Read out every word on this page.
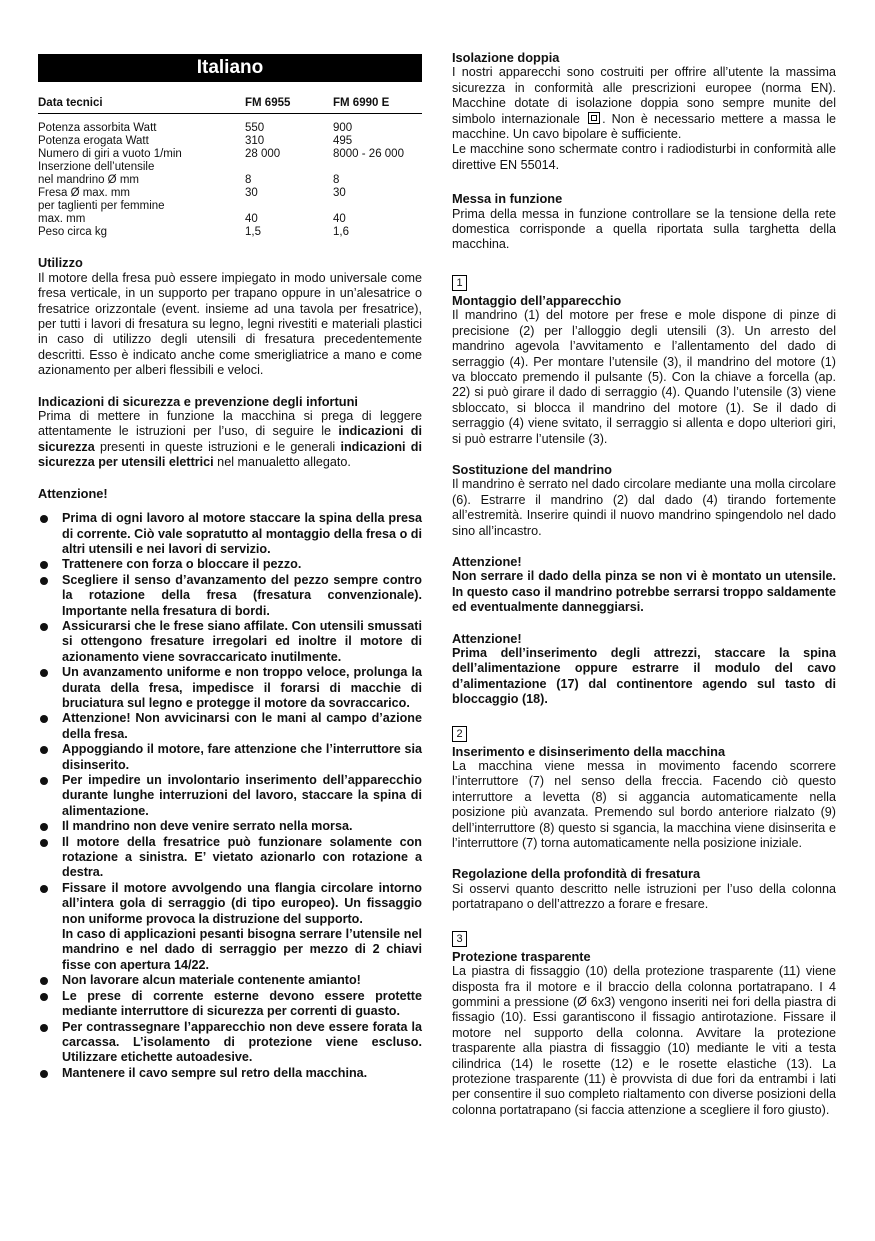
Italiano
Data tecnici	FM 6955	FM 6990 E
Potenza assorbita Watt	550	900
Potenza erogata Watt	310	495
Numero di giri a vuoto 1/min	28 000	8000 - 26 000
Inserzione dell’utensile
nel mandrino Ø mm	8	8
Fresa Ø max. mm	30	30
per taglienti per femmine
max. mm	40	40
Peso circa kg	1,5	1,6
Utilizzo

Il motore della fresa può essere impiegato in modo universale come fresa verticale, in un supporto per trapano oppure in un’alesatrice o fresatrice orizzontale (event. insieme ad una tavola per fresatrice), per tutti i lavori di fresatura su legno, legni rivestiti e materiali plastici in caso di utilizzo degli utensili di fresatura precedentemente descritti. Esso è indicato anche come smerigliatrice a mano e come azionamento per alberi flessibili e veloci.

Indicazioni di sicurezza e prevenzione degli infortuni

Prima di mettere in funzione la macchina si prega di leggere attentamente le istruzioni per l’uso, di seguire le indicazioni di sicurezza presenti in queste istruzioni e le generali indicazioni di sicurezza per utensili elettrici nel manualetto allegato.

Attenzione!
Prima di ogni lavoro al motore staccare la spina della presa di corrente. Ciò vale sopratutto al montaggio della fresa o di altri utensili e nei lavori di servizio.
Trattenere con forza o bloccare il pezzo.
Scegliere il senso d’avanzamento del pezzo sempre contro la rotazione della fresa (fresatura convenzionale). Importante nella fresatura di bordi.
Assicurarsi che le frese siano affilate. Con utensili smussati si ottengono fresature irregolari ed inoltre il motore di azionamento viene sovraccaricato inutilmente.
Un avanzamento uniforme e non troppo veloce, prolunga la durata della fresa, impedisce il forarsi di macchie di bruciatura sul legno e protegge il motore da sovraccarico.
Attenzione! Non avvicinarsi con le mani al campo d’azione della fresa.
Appoggiando il motore, fare attenzione che l’interruttore sia disinserito.
Per impedire un involontario inserimento dell’apparecchio durante lunghe interruzioni del lavoro, staccare la spina di alimentazione.
Il mandrino non deve venire serrato nella morsa.
Il motore della fresatrice può funzionare solamente con rotazione a sinistra. E’ vietato azionarlo con rotazione a destra.
Fissare il motore avvolgendo una flangia circolare intorno all’intera gola di serraggio (di tipo europeo). Un fissaggio non uniforme provoca la distruzione del supporto.
In caso di applicazioni pesanti bisogna serrare l’utensile nel mandrino e nel dado di serraggio per mezzo di 2 chiavi fisse con apertura 14/22.
Non lavorare alcun materiale contenente amianto!
Le prese di corrente esterne devono essere protette mediante interruttore di sicurezza per correnti di guasto.
Per contrassegnare l’apparecchio non deve essere forata la carcassa. L’isolamento di protezione viene escluso. Utilizzare etichette autoadesive.
Mantenere il cavo sempre sul retro della macchina.
Isolazione doppia

I nostri apparecchi sono costruiti per offrire all’utente la massima sicurezza in conformità alle prescrizioni europee (norma EN). Macchine dotate di isolazione doppia sono sempre munite del simbolo internazionale . Non è necessario mettere a massa le macchine. Un cavo bipolare è sufficiente.

Le macchine sono schermate contro i radiodisturbi in conformità alle direttive EN 55014.

Messa in funzione

Prima della messa in funzione controllare se la tensione della rete domestica corrisponde a quella riportata sulla targhetta della macchina.

1
Montaggio dell’apparecchio

Il mandrino (1) del motore per frese e mole dispone di pinze di precisione (2) per l’alloggio degli utensili (3). Un arresto del mandrino agevola l’avvitamento e l’allentamento del dado di serraggio (4). Per montare l’utensile (3), il mandrino del motore (1) va bloccato premendo il pulsante (5). Con la chiave a forcella (ap. 22) si può girare il dado di serraggio (4). Quando l’utensile (3) viene sbloccato, si blocca il mandrino del motore (1). Se il dado di serraggio (4) viene svitato, il serraggio si allenta e dopo ulteriori giri, si può estrarre l’utensile (3).

Sostituzione del mandrino

Il mandrino è serrato nel dado circolare mediante una molla circolare (6). Estrarre il mandrino (2) dal dado (4) tirando fortemente all’estremità. Inserire quindi il nuovo mandrino spingendolo nel dado sino all’incastro.

Attenzione!

Non serrare il dado della pinza se non vi è montato un utensile. In questo caso il mandrino potrebbe serrarsi troppo saldamente ed eventualmente danneggiarsi.

Attenzione!

Prima dell’inserimento degli attrezzi, staccare la spina dell’alimentazione oppure estrarre il modulo del cavo d’alimentazione (17) dal continentore agendo sul tasto di bloccaggio (18).

2
Inserimento e disinserimento della macchina

La macchina viene messa in movimento facendo scorrere l’interruttore (7) nel senso della freccia. Facendo ciò questo interruttore a levetta (8) si aggancia automaticamente nella posizione più avanzata. Premendo sul bordo anteriore rialzato (9) dell’interruttore (8) questo si sgancia, la macchina viene disinserita e l’interruttore (7) torna automaticamente nella posizione iniziale.

Regolazione della profondità di fresatura

Si osservi quanto descritto nelle istruzioni per l’uso della colonna portatrapano o dell’attrezzo a forare e fresare.

3
Protezione trasparente

La piastra di fissaggio (10) della protezione trasparente (11) viene disposta fra il motore e il braccio della colonna portatrapano. I 4 gommini a pressione (Ø 6x3) vengono inseriti nei fori della piastra di fissagio (10). Essi garantiscono il fissagio antirotazione. Fissare il motore nel supporto della colonna. Avvitare la protezione trasparente alla piastra di fissaggio (10) mediante le viti a testa cilindrica (14) le rosette (12) e le rosette elastiche (13). La protezione trasparente (11) è provvista di due fori da entrambi i lati per consentire il suo completo rialtamento con diverse posizioni della colonna portatrapano (si faccia attenzione a scegliere il foro giusto).
